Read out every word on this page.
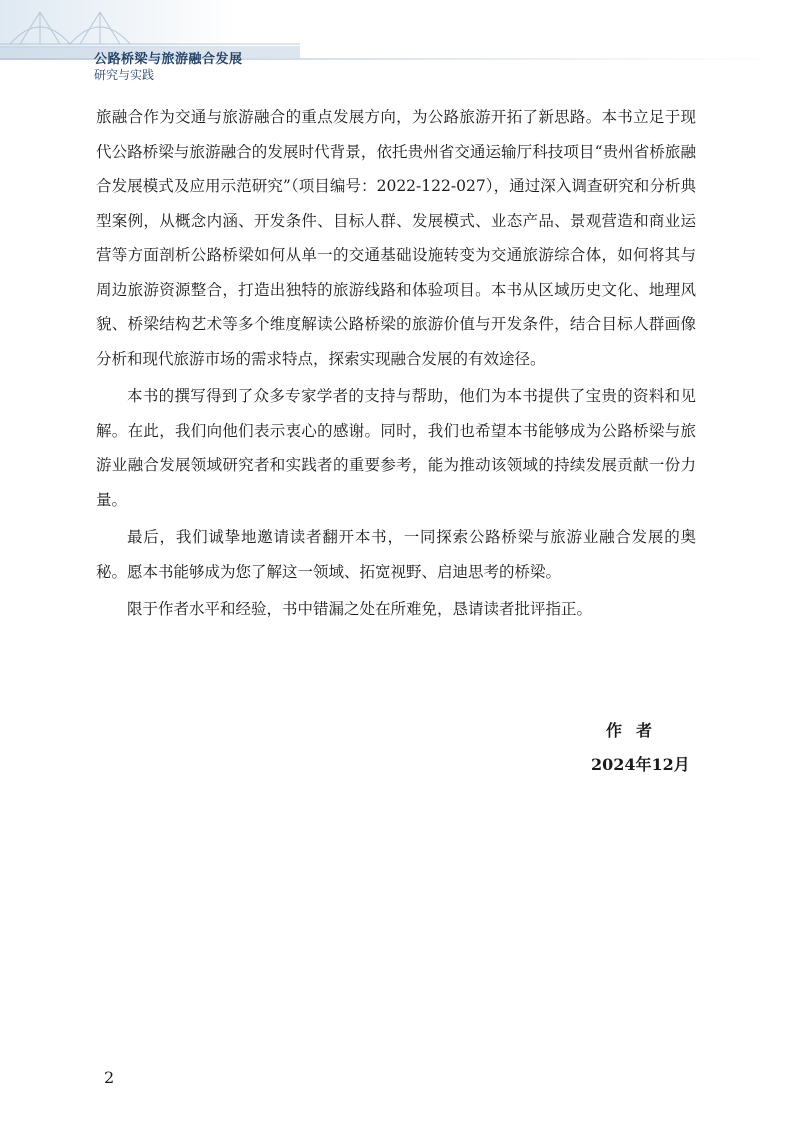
公路桥梁与旅游融合发展
研究与实践

旅融合作为交通与旅游融合的重点发展方向，为公路旅游开拓了新思路。本书立足于现代公路桥梁与旅游融合的发展时代背景，依托贵州省交通运输厅科技项目“贵州省桥旅融合发展模式及应用示范研究”（项目编号：2022-122-027），通过深入调查研究和分析典型案例，从概念内涵、开发条件、目标人群、发展模式、业态产品、景观营造和商业运营等方面剖析公路桥梁如何从单一的交通基础设施转变为交通旅游综合体，如何将其与周边旅游资源整合，打造出独特的旅游线路和体验项目。本书从区域历史文化、地理风貌、桥梁结构艺术等多个维度解读公路桥梁的旅游价值与开发条件，结合目标人群画像分析和现代旅游市场的需求特点，探索实现融合发展的有效途径。

本书的撰写得到了众多专家学者的支持与帮助，他们为本书提供了宝贵的资料和见解。在此，我们向他们表示衷心的感谢。同时，我们也希望本书能够成为公路桥梁与旅游业融合发展领域研究者和实践者的重要参考，能为推动该领域的持续发展贡献一份力量。

最后，我们诚挚地邀请读者翻开本书，一同探索公路桥梁与旅游业融合发展的奥秘。愿本书能够成为您了解这一领域、拓宽视野、启迪思考的桥梁。

限于作者水平和经验，书中错漏之处在所难免，恳请读者批评指正。

作者
2024年12月
2
